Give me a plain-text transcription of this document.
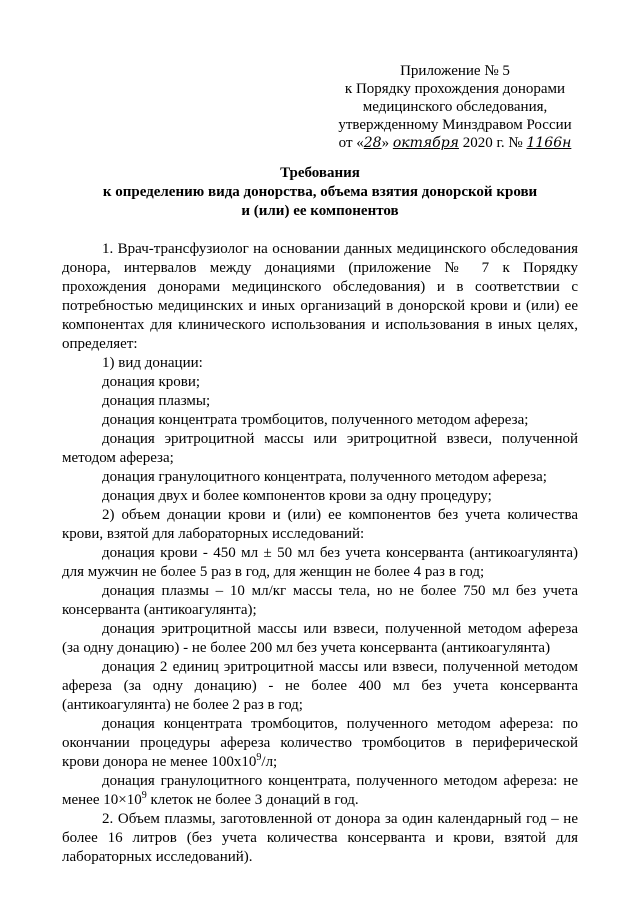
Приложение № 5
к Порядку прохождения донорами
медицинского обследования,
утвержденному Минздравом России
от «28» октября 2020 г. № 1166н
Требования
к определению вида донорства, объема взятия донорской крови
и (или) ее компонентов

1. Врач-трансфузиолог на основании данных медицинского обследования донора, интервалов между донациями (приложение № 7 к Порядку прохождения донорами медицинского обследования) и в соответствии с потребностью медицинских и иных организаций в донорской крови и (или) ее компонентах для клинического использования и использования в иных целях, определяет:

1) вид донации:

донация крови;

донация плазмы;

донация концентрата тромбоцитов, полученного методом афереза;

донация эритроцитной массы или эритроцитной взвеси, полученной методом афереза;

донация гранулоцитного концентрата, полученного методом афереза;

донация двух и более компонентов крови за одну процедуру;

2) объем донации крови и (или) ее компонентов без учета количества крови, взятой для лабораторных исследований:

донация крови - 450 мл ± 50 мл без учета консерванта (антикоагулянта) для мужчин не более 5 раз в год, для женщин не более 4 раз в год;

донация плазмы – 10 мл/кг массы тела, но не более 750 мл без учета консерванта (антикоагулянта);

донация эритроцитной массы или взвеси, полученной методом афереза (за одну донацию) - не более 200 мл без учета консерванта (антикоагулянта)

донация 2 единиц эритроцитной массы или взвеси, полученной методом афереза (за одну донацию) - не более 400 мл без учета консерванта (антикоагулянта) не более 2 раз в год;

донация концентрата тромбоцитов, полученного методом афереза: по окончании процедуры афереза количество тромбоцитов в периферической крови донора не менее $100x10^9/л$;

донация гранулоцитного концентрата, полученного методом афереза: не менее $10\times 10^9$ клеток не более 3 донаций в год.

2. Объем плазмы, заготовленной от донора за один календарный год – не более 16 литров (без учета количества консерванта и крови, взятой для лабораторных исследований).
